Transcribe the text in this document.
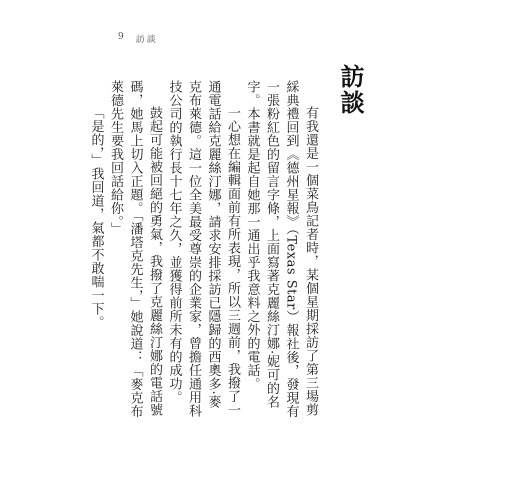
9 訪談
訪談

有我還是一個菜鳥記者時，某個星期採訪了第三場剪綵典禮回到《德州星報》（Texas Star）報社後，發現有一張粉紅色的留言字條，上面寫著克麗絲汀娜·妮可的名字。本書就是起自她那一通出乎我意料之外的電話。

一心想在編輯面前有所表現，所以三週前，我撥了一通電話給克麗絲汀娜，請求安排採訪已隱歸的西奧多·麥克布萊德。這一位全美最受尊崇的企業家，曾擔任通用科技公司的執行長十七年之久，並獲得前所未有的成功。

鼓起可能被回絕的勇氣，我撥了克麗絲汀娜的電話號碼，她馬上切入正題。「潘塔克先生，」她說道：「麥克布萊德先生要我回話給你。」

「是的，」我回道，氣都不敢喘一下。
